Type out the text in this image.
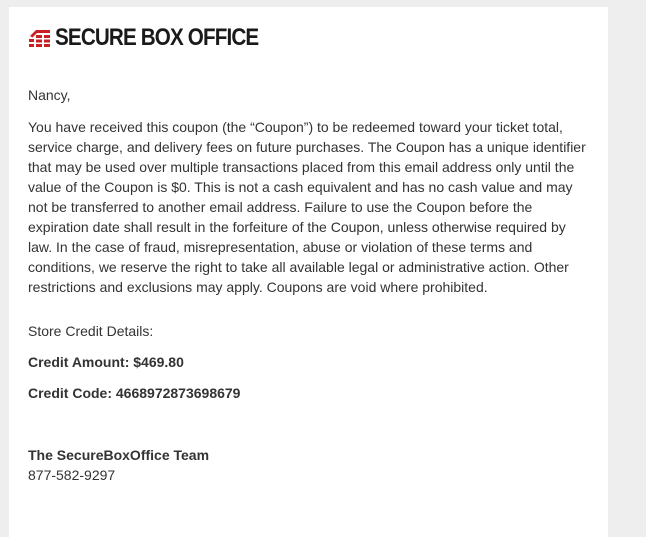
SECURE BOX OFFICE

Nancy,

You have received this coupon (the “Coupon”) to be redeemed toward your ticket total, service charge, and delivery fees on future purchases. The Coupon has a unique identifier that may be used over multiple transactions placed from this email address only until the value of the Coupon is $0. This is not a cash equivalent and has no cash value and may not be transferred to another email address. Failure to use the Coupon before the expiration date shall result in the forfeiture of the Coupon, unless otherwise required by law. In the case of fraud, misrepresentation, abuse or violation of these terms and conditions, we reserve the right to take all available legal or administrative action. Other restrictions and exclusions may apply. Coupons are void where prohibited.

Store Credit Details:

Credit Amount: $469.80

Credit Code: 4668972873698679

The SecureBoxOffice Team

877-582-9297
